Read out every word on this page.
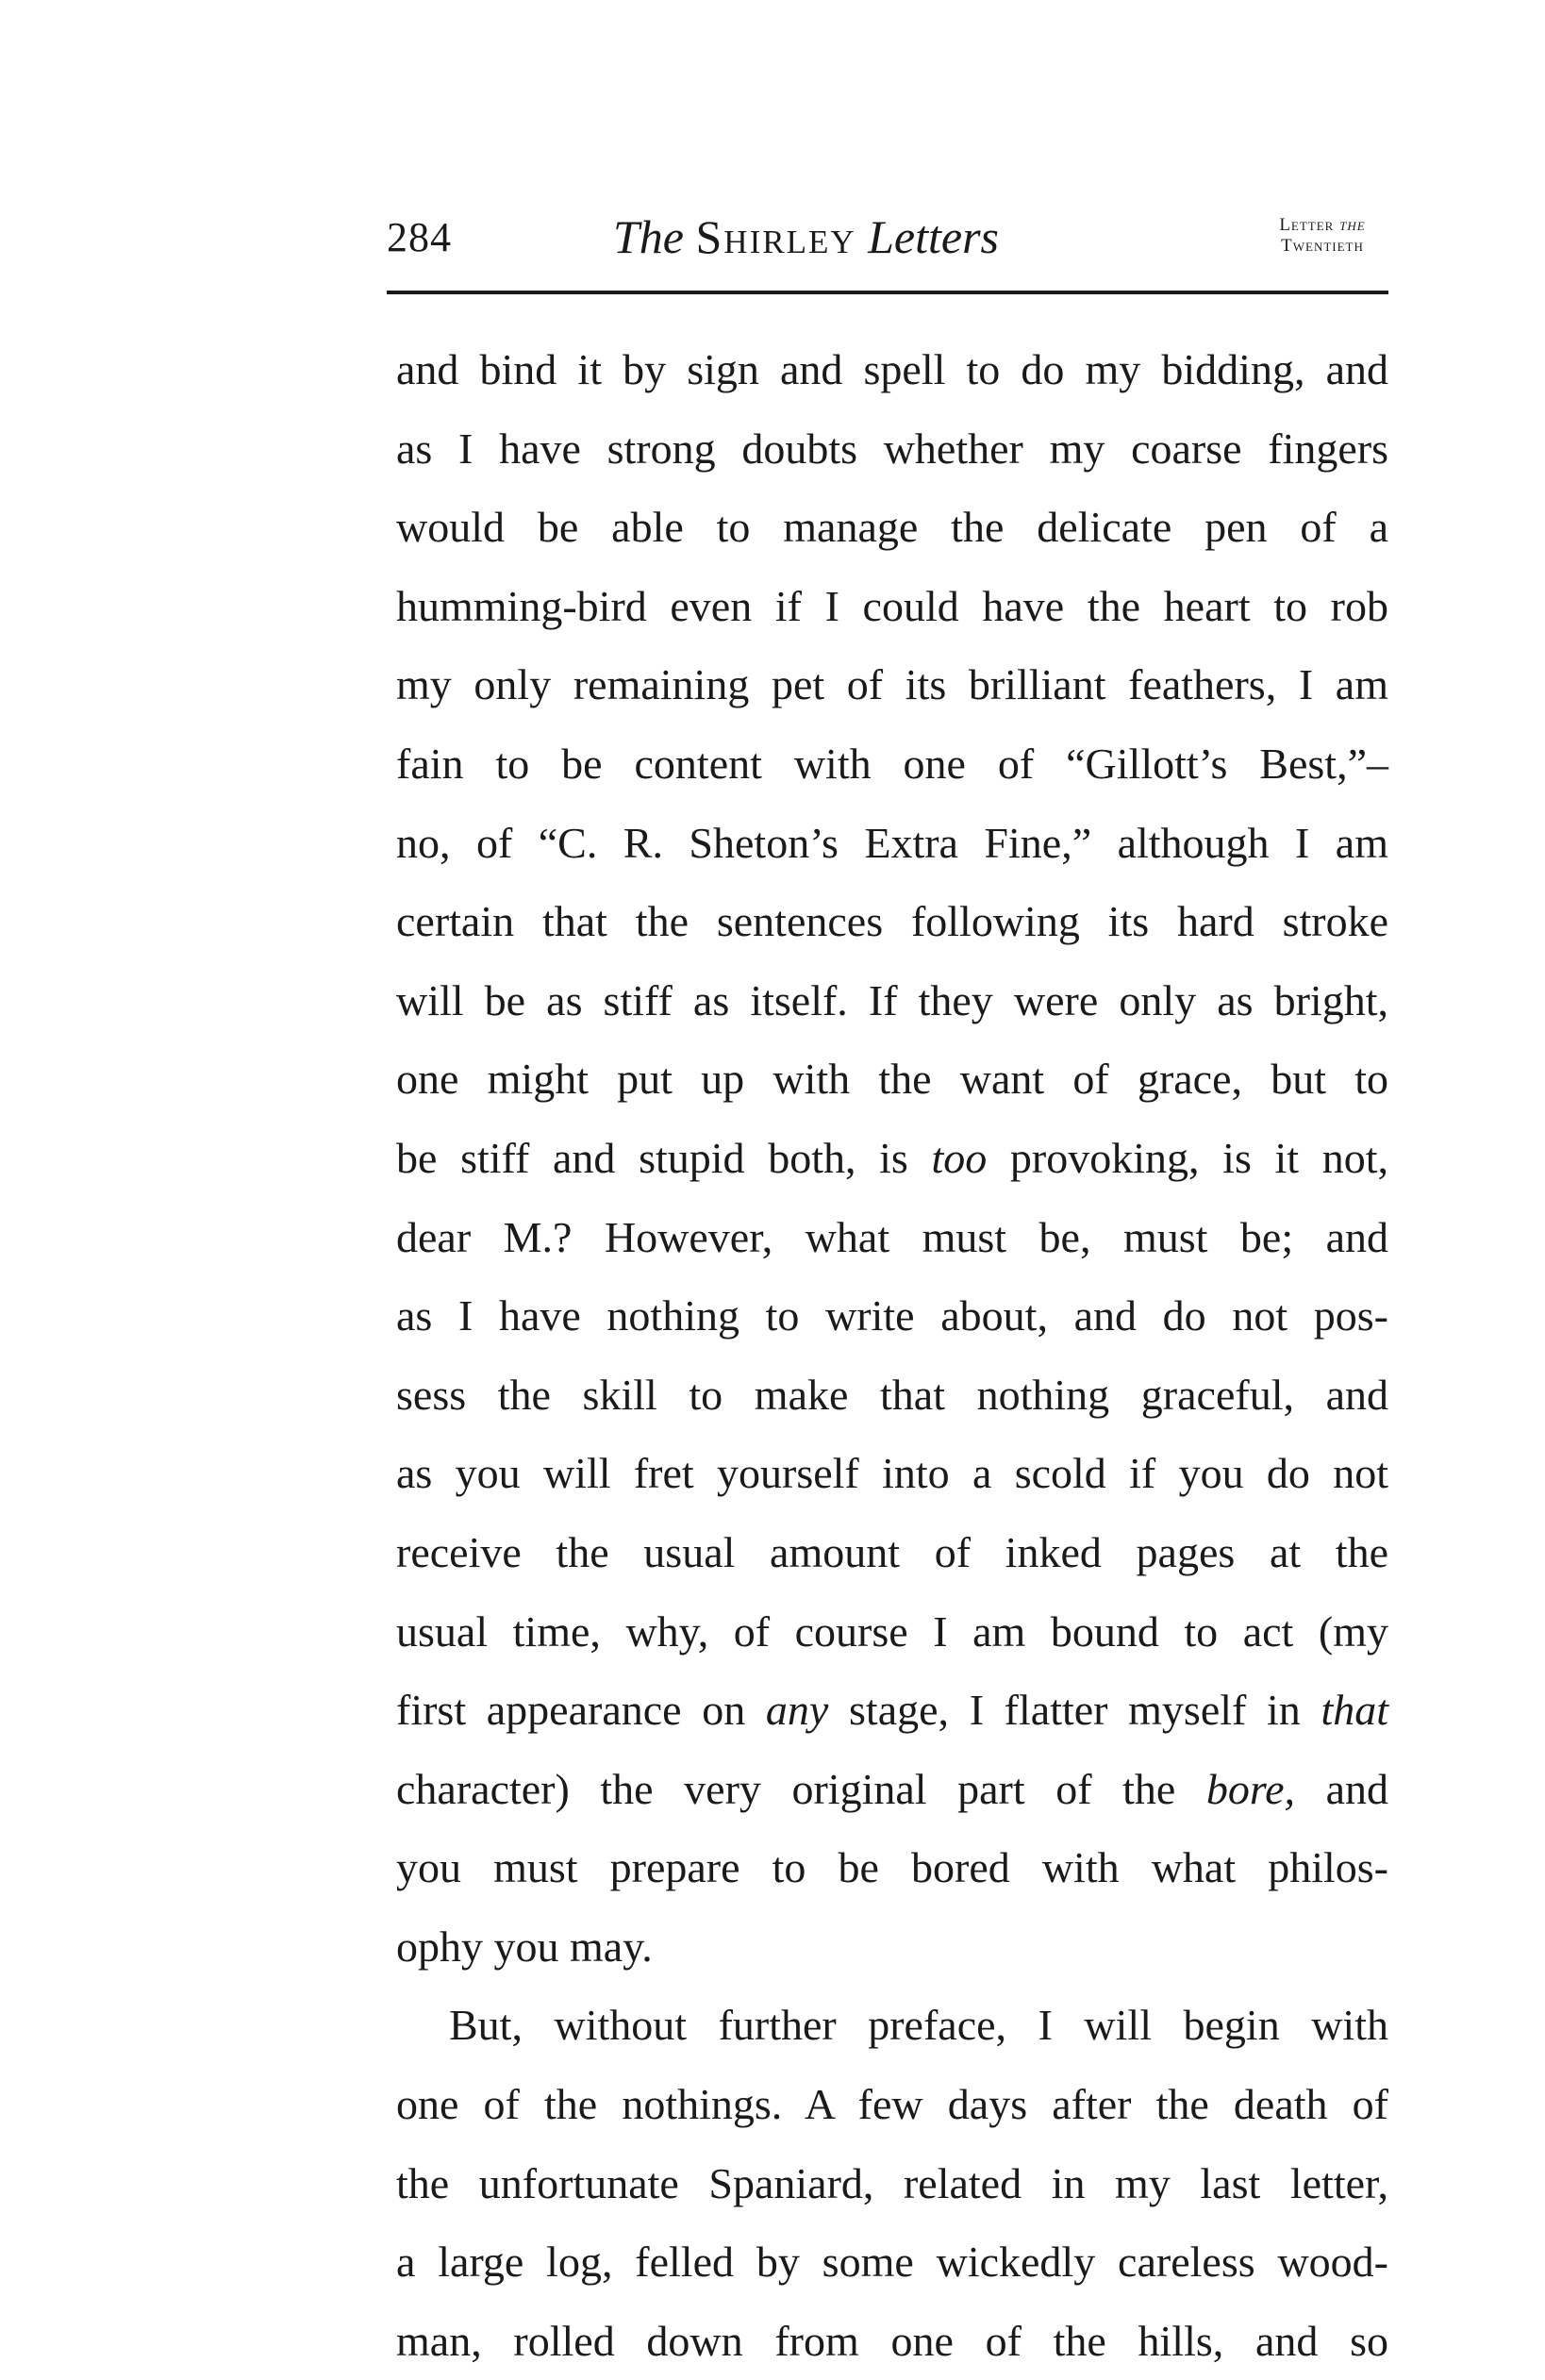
284	The Shirley Letters	Letter the
Twentieth
and bind it by sign and spell to do my bidding, and
as I have strong doubts whether my coarse fingers
would be able to manage the delicate pen of a
humming-bird even if I could have the heart to rob
my only remaining pet of its brilliant feathers, I am
fain to be content with one of “Gillott’s Best,”–
no, of “C. R. Sheton’s Extra Fine,” although I am
certain that the sentences following its hard stroke
will be as stiff as itself. If they were only as bright,
one might put up with the want of grace, but to
be stiff and stupid both, is too provoking, is it not,
dear M.? However, what must be, must be; and
as I have nothing to write about, and do not pos-
sess the skill to make that nothing graceful, and
as you will fret yourself into a scold if you do not
receive the usual amount of inked pages at the
usual time, why, of course I am bound to act (my
first appearance on any stage, I flatter myself in that
character) the very original part of the bore, and
you must prepare to be bored with what philos-
ophy you may.
But, without further preface, I will begin with
one of the nothings. A few days after the death of
the unfortunate Spaniard, related in my last letter,
a large log, felled by some wickedly careless wood-
man, rolled down from one of the hills, and so
